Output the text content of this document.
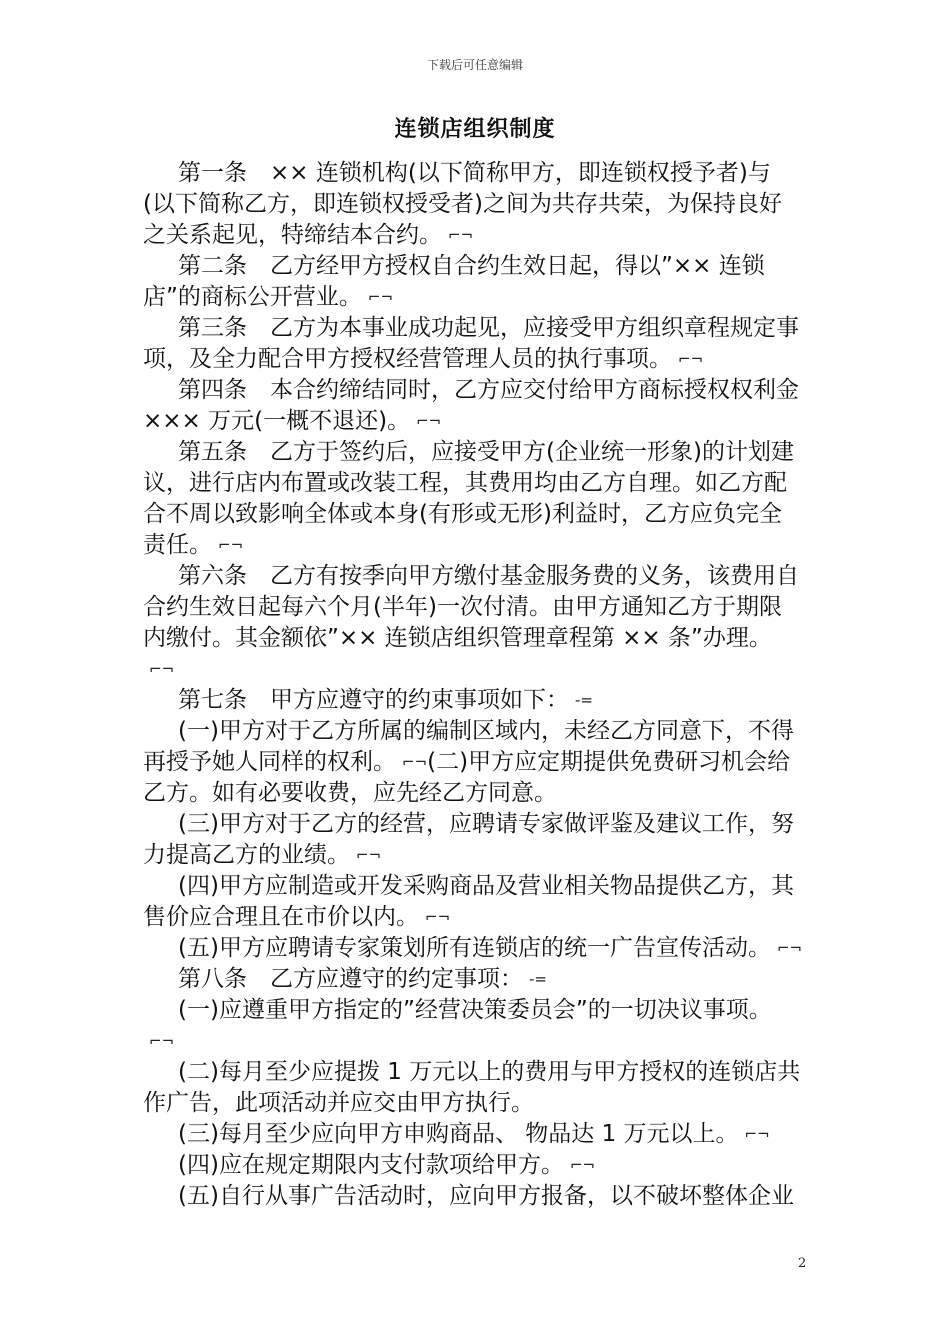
下载后可任意编辑
连锁店组织制度
第一条　×× 连锁机构(以下简称甲方，即连锁权授予者)与
(以下简称乙方，即连锁权授受者)之间为共存共荣，为保持良好
之关系起见，特缔结本合约。 ⌐¬
第二条　乙方经甲方授权自合约生效日起，得以”×× 连锁
店”的商标公开营业。 ⌐¬
第三条　乙方为本事业成功起见，应接受甲方组织章程规定事
项，及全力配合甲方授权经营管理人员的执行事项。 ⌐¬
第四条　本合约缔结同时，乙方应交付给甲方商标授权权利金
××× 万元(一概不退还)。 ⌐¬
第五条　乙方于签约后，应接受甲方(企业统一形象)的计划建
议，进行店内布置或改装工程，其费用均由乙方自理。如乙方配
合不周以致影响全体或本身(有形或无形)利益时，乙方应负完全
责任。 ⌐¬
第六条　乙方有按季向甲方缴付基金服务费的义务，该费用自
合约生效日起每六个月(半年)一次付清。由甲方通知乙方于期限
内缴付。其金额依”×× 连锁店组织管理章程第 ×× 条”办理。
⌐¬
第七条　甲方应遵守的约束事项如下： -=
(一)甲方对于乙方所属的编制区域内，未经乙方同意下，不得
再授予她人同样的权利。 ⌐¬(二)甲方应定期提供免费研习机会给
乙方。如有必要收费，应先经乙方同意。
(三)甲方对于乙方的经营，应聘请专家做评鉴及建议工作，努
力提高乙方的业绩。 ⌐¬
(四)甲方应制造或开发采购商品及营业相关物品提供乙方，其
售价应合理且在市价以内。 ⌐¬
(五)甲方应聘请专家策划所有连锁店的统一广告宣传活动。 ⌐¬
第八条　乙方应遵守的约定事项： -=
(一)应遵重甲方指定的”经营决策委员会”的一切决议事项。
⌐¬
(二)每月至少应提拨 1 万元以上的费用与甲方授权的连锁店共
作广告，此项活动并应交由甲方执行。
(三)每月至少应向甲方申购商品、 物品达 1 万元以上。 ⌐¬
(四)应在规定期限内支付款项给甲方。 ⌐¬
(五)自行从事广告活动时，应向甲方报备，以不破坏整体企业
2
